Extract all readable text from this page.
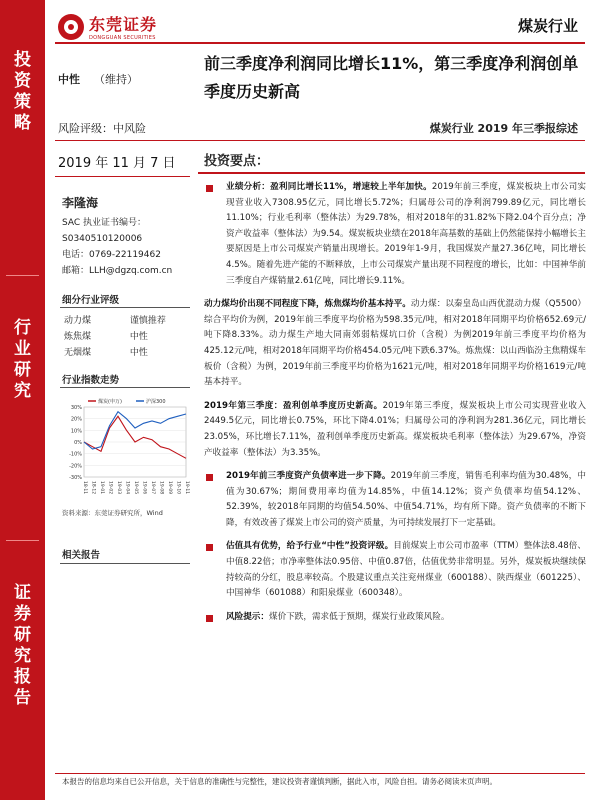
投
资
策
略
行
业
研
究
证
券
研
究
报
告
东莞证券
DONGGUAN SECURITIES
煤炭行业
中性 （维持）
前三季度净利润同比增长11%，第三季度净利润创单季度历史新高
风险评级：中风险	煤炭行业 2019 年三季报综述
2019 年 11 月 7 日 投资要点：
李隆海
SAC 执业证书编号：
S0340510120006
电话：0769-22119462
邮箱：LLH@dgzq.com.cn
细分行业评级
动力煤	谨慎推荐
炼焦煤	中性
无烟煤	中性
行业指数走势
30%
20%
10%
0%
-10%
-20%
-30%
18-11 18-12 19-01 19-02 19-03 19-04 19-05 19-06 19-07 19-08 19-09 19-10 19-11
煤炭(申万)	沪深300
资料来源：东莞证券研究所，Wind
相关报告
业绩分析：盈利同比增长11%，增速较上半年加快。2019年前三季度，煤炭板块上市公司实现营业收入7308.95亿元，同比增长5.72%；归属母公司的净利润799.89亿元，同比增长11.10%；行业毛利率（整体法）为29.78%，相对2018年的31.82%下降2.04个百分点；净资产收益率（整体法）为9.54。煤炭板块业绩在2018年高基数的基础上仍然能保持小幅增长主要原因是上市公司煤炭产销量出现增长。2019年1-9月，我国煤炭产量27.36亿吨，同比增长4.5%。随着先进产能的不断释放，上市公司煤炭产量出现不同程度的增长，比如：中国神华前三季度自产煤销量2.61亿吨，同比增长9.11%。
动力煤均价出现不同程度下降，炼焦煤均价基本持平。动力煤：以秦皇岛山西优混动力煤（Q5500）综合平均价为例，2019年前三季度平均价格为598.35元/吨，相对2018年同期平均价格652.69元/吨下降8.33%。动力煤生产地大同南郊弱粘煤坑口价（含税）为例2019年前三季度平均价格为425.12元/吨，相对2018年同期平均价格454.05元/吨下跌6.37%。炼焦煤：以山西临汾主焦精煤车板价（含税）为例，2019年前三季度平均价格为1621元/吨，相对2018年同期平均价格1619元/吨基本持平。
2019年第三季度：盈利创单季度历史新高。2019年第三季度，煤炭板块上市公司实现营业收入2449.5亿元，同比增长0.75%，环比下降4.01%；归属母公司的净利润为281.36亿元，同比增长23.05%，环比增长7.11%，盈利创单季度历史新高。煤炭板块毛利率（整体法）为29.67%，净资产收益率（整体法）为3.35%。
2019年前三季度资产负债率进一步下降。2019年前三季度，销售毛利率均值为30.48%，中值为30.67%；期间费用率均值为14.85%，中值14.12%；资产负债率均值54.12%、52.39%，较2018年同期的均值54.50%、中值54.71%，均有所下降。资产负债率的不断下降，有效改善了煤炭上市公司的资产质量，为可持续发展打下一定基础。
估值具有优势，给予行业“中性”投资评级。目前煤炭上市公司市盈率（TTM）整体法8.48倍、中值8.22倍；市净率整体法0.95倍、中值0.87倍，估值优势非常明显。另外，煤炭板块继续保持较高的分红，股息率较高。个股建议重点关注兖州煤业（600188）、陕西煤业（601225）、中国神华（601088）和阳泉煤业（600348）。
风险提示：煤价下跌，需求低于预期，煤炭行业政策风险。
本报告的信息均来自已公开信息，关于信息的准确性与完整性，建议投资者谨慎判断，据此入市，风险自担。请务必阅读末页声明。
